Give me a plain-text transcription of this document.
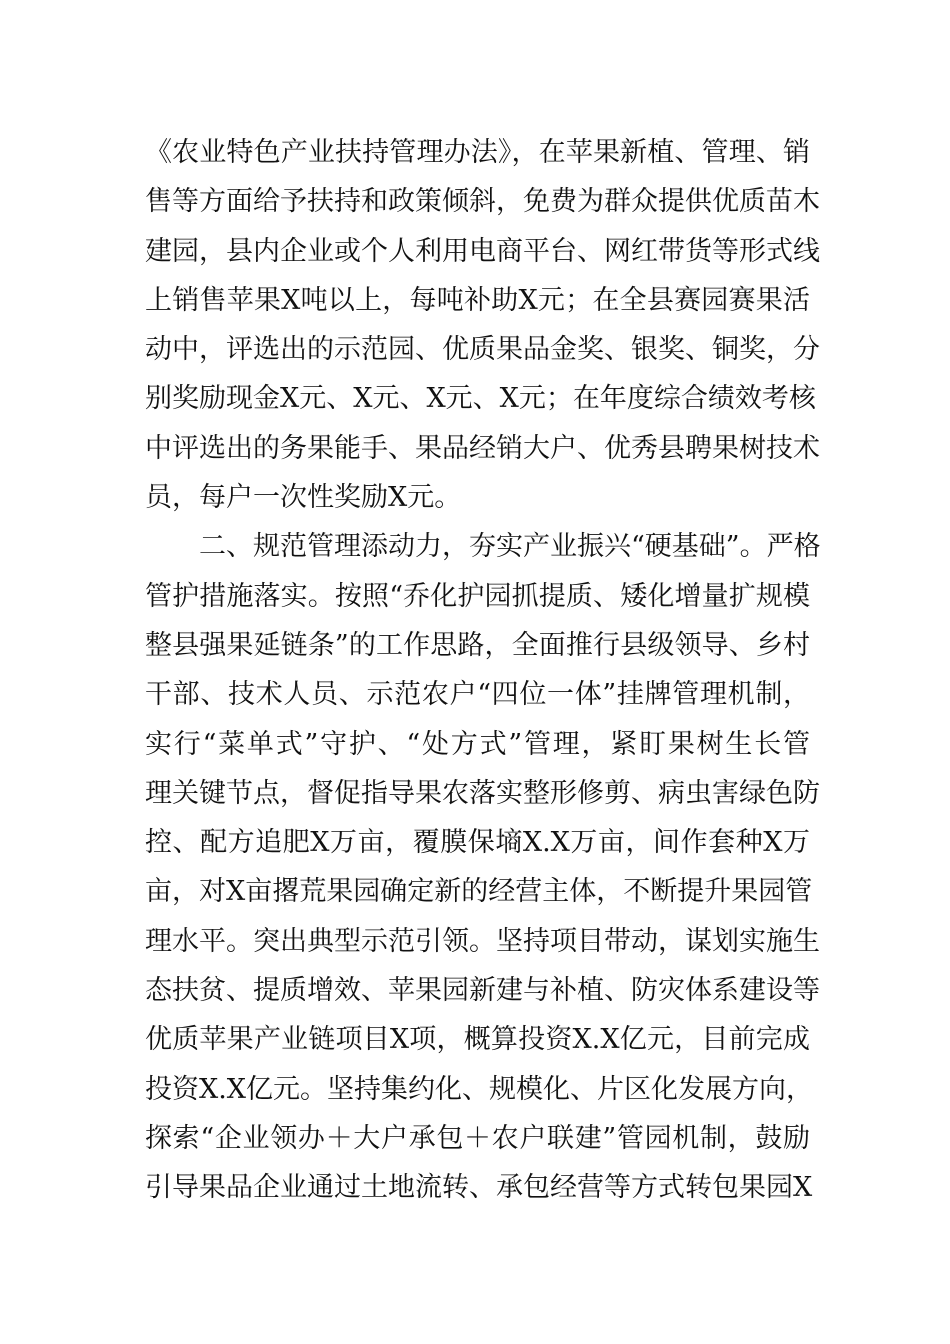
《农业特色产业扶持管理办法》，在苹果新植、管理、销
售等方面给予扶持和政策倾斜，免费为群众提供优质苗木
建园，县内企业或个人利用电商平台、网红带货等形式线
上销售苹果X吨以上，每吨补助X元；在全县赛园赛果活
动中，评选出的示范园、优质果品金奖、银奖、铜奖，分
别奖励现金X元、X元、X元、X元；在年度综合绩效考核
中评选出的务果能手、果品经销大户、优秀县聘果树技术
员，每户一次性奖励X元。
二、规范管理添动力，夯实产业振兴“硬基础”。严格
管护措施落实。按照“乔化护园抓提质、矮化增量扩规模
整县强果延链条”的工作思路，全面推行县级领导、乡村
干部、技术人员、示范农户“四位一体”挂牌管理机制，
实行“菜单式”守护、“处方式”管理，紧盯果树生长管
理关键节点，督促指导果农落实整形修剪、病虫害绿色防
控、配方追肥X万亩，覆膜保墒X.X万亩，间作套种X万
亩，对X亩撂荒果园确定新的经营主体，不断提升果园管
理水平。突出典型示范引领。坚持项目带动，谋划实施生
态扶贫、提质增效、苹果园新建与补植、防灾体系建设等
优质苹果产业链项目X项，概算投资X.X亿元，目前完成
投资X.X亿元。坚持集约化、规模化、片区化发展方向，
探索“企业领办＋大户承包＋农户联建”管园机制，鼓励
引导果品企业通过土地流转、承包经营等方式转包果园X
